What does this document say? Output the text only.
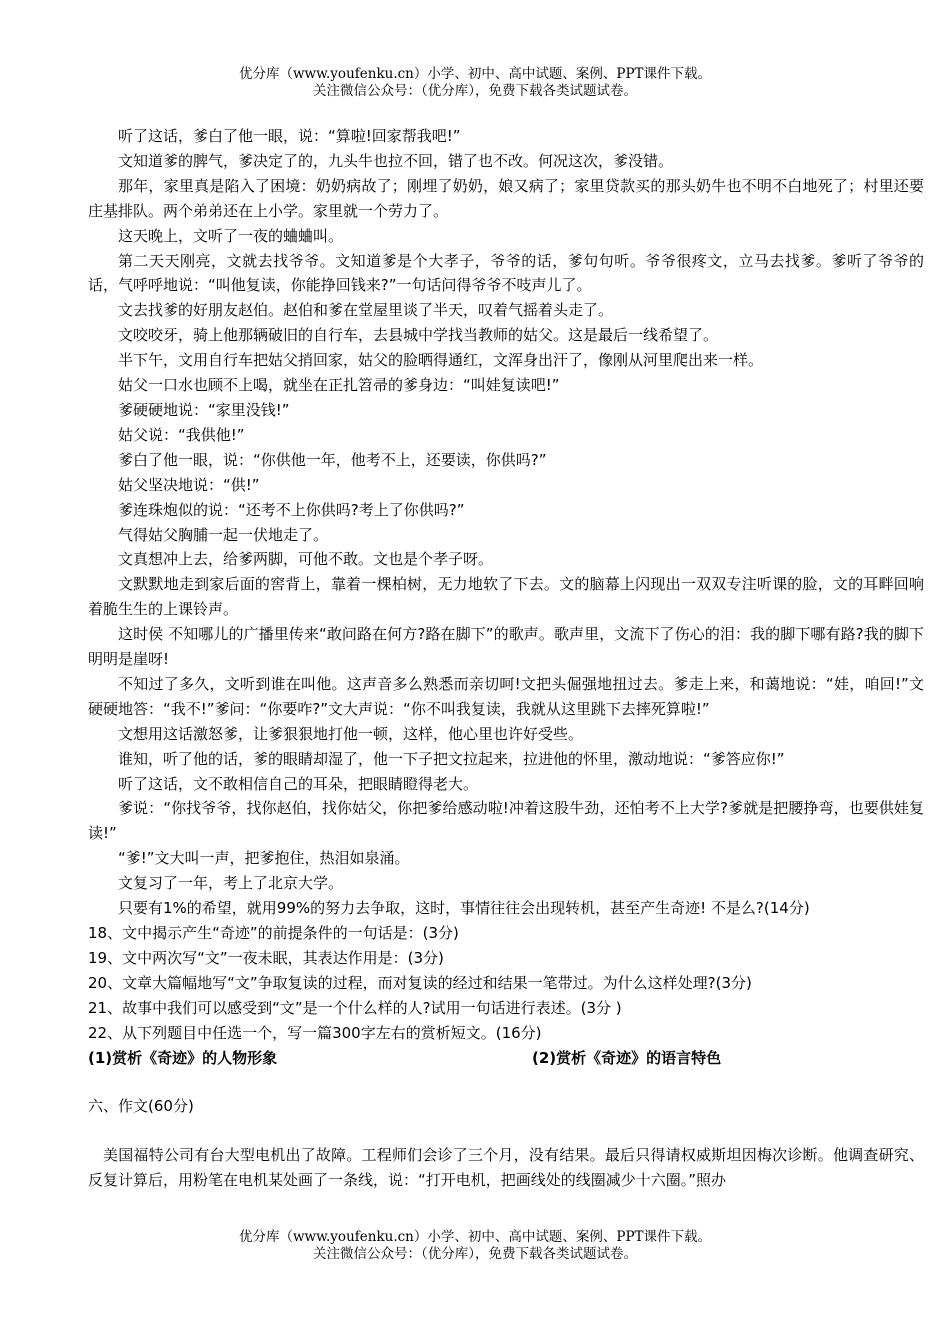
优分库（www.youfenku.cn）小学、初中、高中试题、案例、PPT课件下载。
关注微信公众号：（优分库），免费下载各类试题试卷。

听了这话，爹白了他一眼，说：“算啦!回家帮我吧!”

文知道爹的脾气，爹决定了的，九头牛也拉不回，错了也不改。何况这次，爹没错。

那年，家里真是陷入了困境：奶奶病故了；刚埋了奶奶，娘又病了；家里贷款买的那头奶牛也不明不白地死了；村里还要庄基排队。两个弟弟还在上小学。家里就一个劳力了。

这天晚上，文听了一夜的蛐蛐叫。

第二天天刚亮，文就去找爷爷。文知道爹是个大孝子，爷爷的话，爹句句听。爷爷很疼文，立马去找爹。爹听了爷爷的话，气呼呼地说：“叫他复读，你能挣回钱来?”一句话问得爷爷不吱声儿了。

文去找爹的好朋友赵伯。赵伯和爹在堂屋里谈了半天，叹着气摇着头走了。

文咬咬牙，骑上他那辆破旧的自行车，去县城中学找当教师的姑父。这是最后一线希望了。

半下午，文用自行车把姑父捎回家，姑父的脸晒得通红，文浑身出汗了，像刚从河里爬出来一样。

姑父一口水也顾不上喝，就坐在正扎笤帚的爹身边：“叫娃复读吧!”

爹硬硬地说：“家里没钱!”

姑父说：“我供他!”

爹白了他一眼，说：“你供他一年，他考不上，还要读，你供吗?”

姑父坚决地说：“供!”

爹连珠炮似的说：“还考不上你供吗?考上了你供吗?”

气得姑父胸脯一起一伏地走了。

文真想冲上去，给爹两脚，可他不敢。文也是个孝子呀。

文默默地走到家后面的窖背上，靠着一棵柏树，无力地软了下去。文的脑幕上闪现出一双双专注听课的脸，文的耳畔回响着脆生生的上课铃声。

这时侯 不知哪儿的广播里传来“敢问路在何方?路在脚下”的歌声。歌声里，文流下了伤心的泪：我的脚下哪有路?我的脚下明明是崖呀!

不知过了多久，文听到谁在叫他。这声音多么熟悉而亲切呵!文把头倔强地扭过去。爹走上来，和蔼地说：“娃，咱回!”文硬硬地答：“我不!”爹问：“你要咋?”文大声说：“你不叫我复读，我就从这里跳下去摔死算啦!”

文想用这话激怒爹，让爹狠狠地打他一顿，这样，他心里也许好受些。

谁知，听了他的话，爹的眼睛却湿了，他一下子把文拉起来，拉进他的怀里，激动地说：“爹答应你!”

听了这话，文不敢相信自己的耳朵，把眼睛瞪得老大。

爹说：“你找爷爷，找你赵伯，找你姑父，你把爹给感动啦!冲着这股牛劲，还怕考不上大学?爹就是把腰挣弯，也要供娃复读!”

“爹!”文大叫一声，把爹抱住，热泪如泉涌。

文复习了一年，考上了北京大学。

只要有1%的希望，就用99%的努力去争取，这时，事情往往会出现转机，甚至产生奇迹! 不是么?(14分)

18、文中揭示产生“奇迹”的前提条件的一句话是：(3分)

19、文中两次写“文”一夜未眠，其表达作用是：(3分)

20、文章大篇幅地写“文”争取复读的过程，而对复读的经过和结果一笔带过。为什么这样处理?(3分)

21、故事中我们可以感受到“文”是一个什么样的人?试用一句话进行表述。(3分 )

22、从下列题目中任选一个，写一篇300字左右的赏析短文。(16分)

(1)赏析《奇迹》的人物形象	(2)赏析《奇迹》的语言特色

六、作文(60分)

美国福特公司有台大型电机出了故障。工程师们会诊了三个月，没有结果。最后只得请权威斯坦因梅次诊断。他调查研究、反复计算后，用粉笔在电机某处画了一条线，说：“打开电机，把画线处的线圈减少十六圈。”照办

优分库（www.youfenku.cn）小学、初中、高中试题、案例、PPT课件下载。
关注微信公众号：（优分库），免费下载各类试题试卷。
